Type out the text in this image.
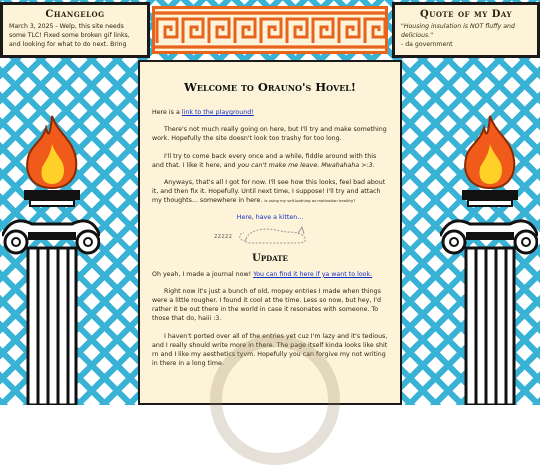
Changelog

March 3, 2025 - Welp, this site needs some TLC! Fixed some broken gif links, and looking for what to do next. Bring

Quote of my Day

"Housing insulation is NOT fluffy and delicious."
- da government

Welcome to Orauno's Hovel!

Here is a link to the playground!

There's not much really going on here, but I'll try and make something work. Hopefully the site doesn't look too trashy for too long.

I'll try to come back every once and a while, fiddle around with this and that. I like it here, and you can't make me leave. Mwahahaha >:3.

Anyways, that's all I got for now. I'll see how this looks, feel bad about it, and then fix it. Hopefully. Until next time, I suppose! I'll try and attach my thoughts... somewhere in here. Is using my self-loathing as motivation healthy?

Here, have a kitten...
zzzzz
Update

Oh yeah, I made a journal now! You can find it here if ya want to look.

Right now it's just a bunch of old, mopey entries I made when things were a little rougher. I found it cool at the time. Less so now, but hey, I'd rather it be out there in the world in case it resonates with someone. To those that do, haiii :3.

I haven't ported over all of the entries yet cuz I'm lazy and it's tedious, and I really should write more in there. The page itself kinda looks like shit rn and I like my aesthetics tyvm. Hopefully you can forgive my not writing in there in a long time.
